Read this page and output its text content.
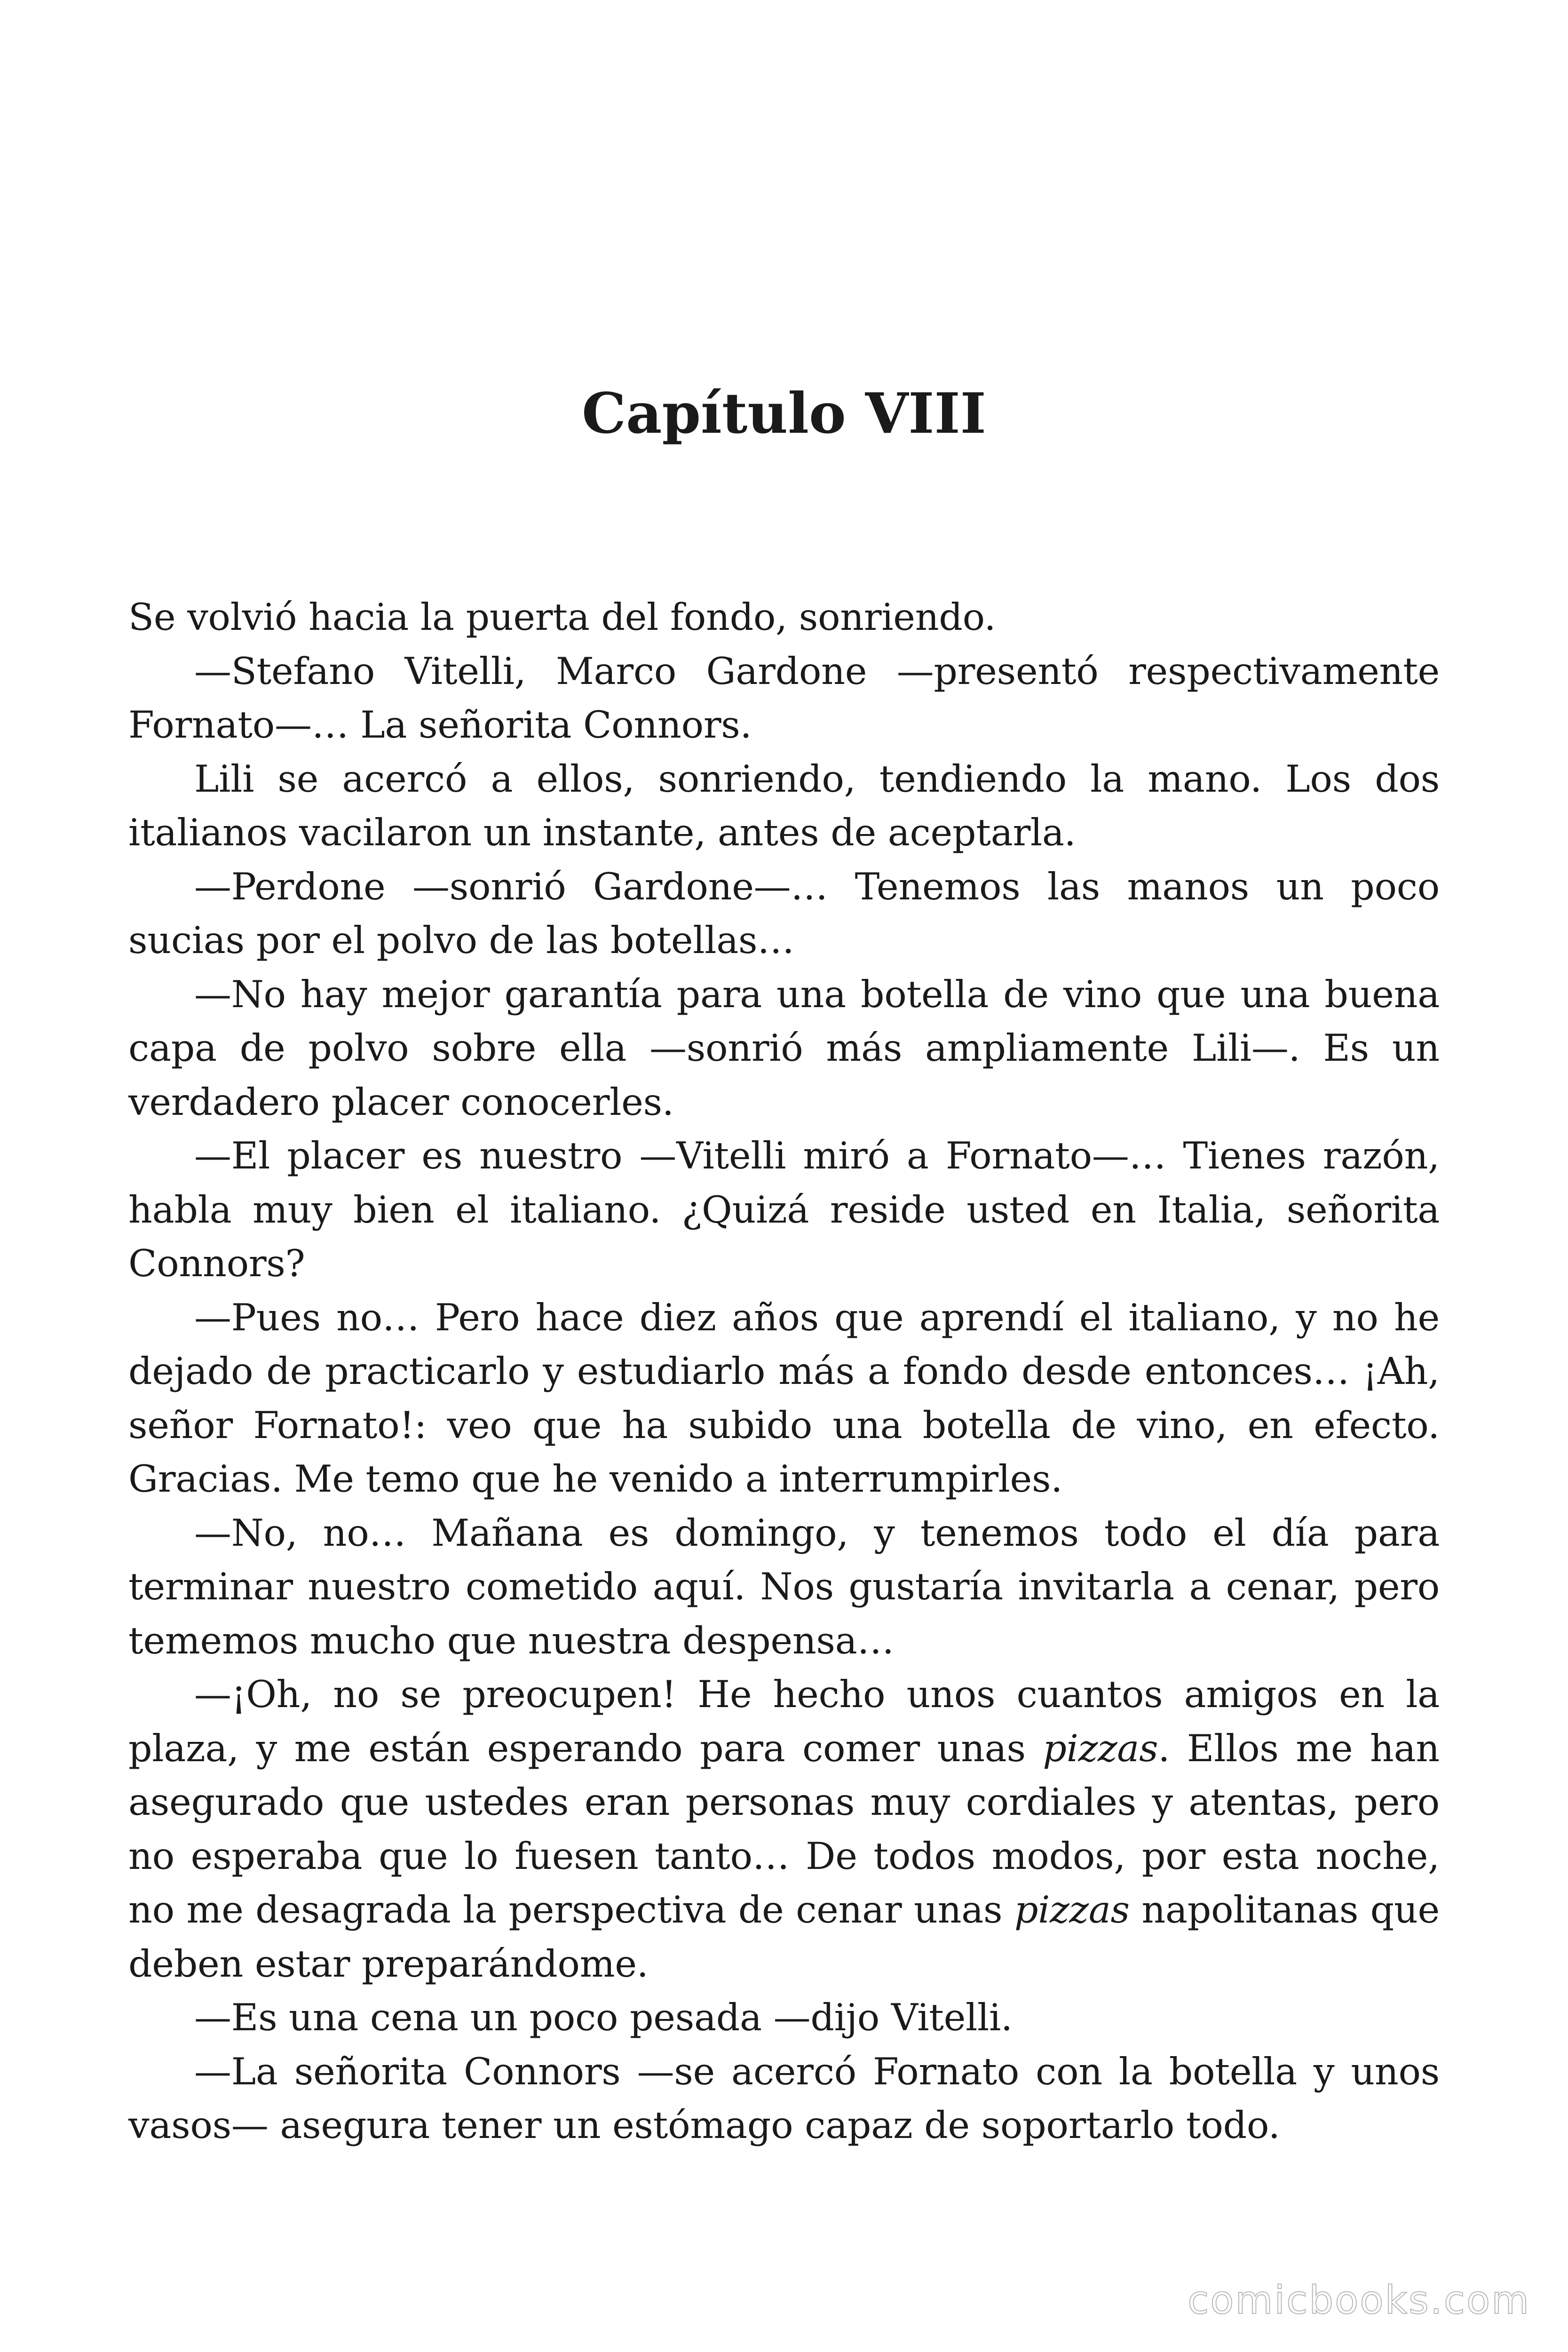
Capítulo VIII

Se volvió hacia la puerta del fondo, sonriendo.

—Stefano Vitelli, Marco Gardone —presentó respectivamente Fornato—… La señorita Connors.

Lili se acercó a ellos, sonriendo, tendiendo la mano. Los dos italianos vacilaron un instante, antes de aceptarla.

—Perdone —sonrió Gardone—… Tenemos las manos un poco sucias por el polvo de las botellas…

—No hay mejor garantía para una botella de vino que una buena capa de polvo sobre ella —sonrió más ampliamente Lili—. Es un verdadero placer conocerles.

—El placer es nuestro —Vitelli miró a Fornato—… Tienes razón, habla muy bien el italiano. ¿Quizá reside usted en Italia, señorita Connors?

—Pues no… Pero hace diez años que aprendí el italiano, y no he dejado de practicarlo y estudiarlo más a fondo desde entonces… ¡Ah, señor Fornato!: veo que ha subido una botella de vino, en efecto. Gracias. Me temo que he venido a interrumpirles.

—No, no… Mañana es domingo, y tenemos todo el día para terminar nuestro cometido aquí. Nos gustaría invitarla a cenar, pero tememos mucho que nuestra despensa…

—¡Oh, no se preocupen! He hecho unos cuantos amigos en la plaza, y me están esperando para comer unas pizzas. Ellos me han asegurado que ustedes eran personas muy cordiales y atentas, pero no esperaba que lo fuesen tanto… De todos modos, por esta noche, no me desagrada la perspectiva de cenar unas pizzas napolitanas que deben estar preparándome.

—Es una cena un poco pesada —dijo Vitelli.

—La señorita Connors —se acercó Fornato con la botella y unos vasos— asegura tener un estómago capaz de soportarlo todo.

comicbooks.com
